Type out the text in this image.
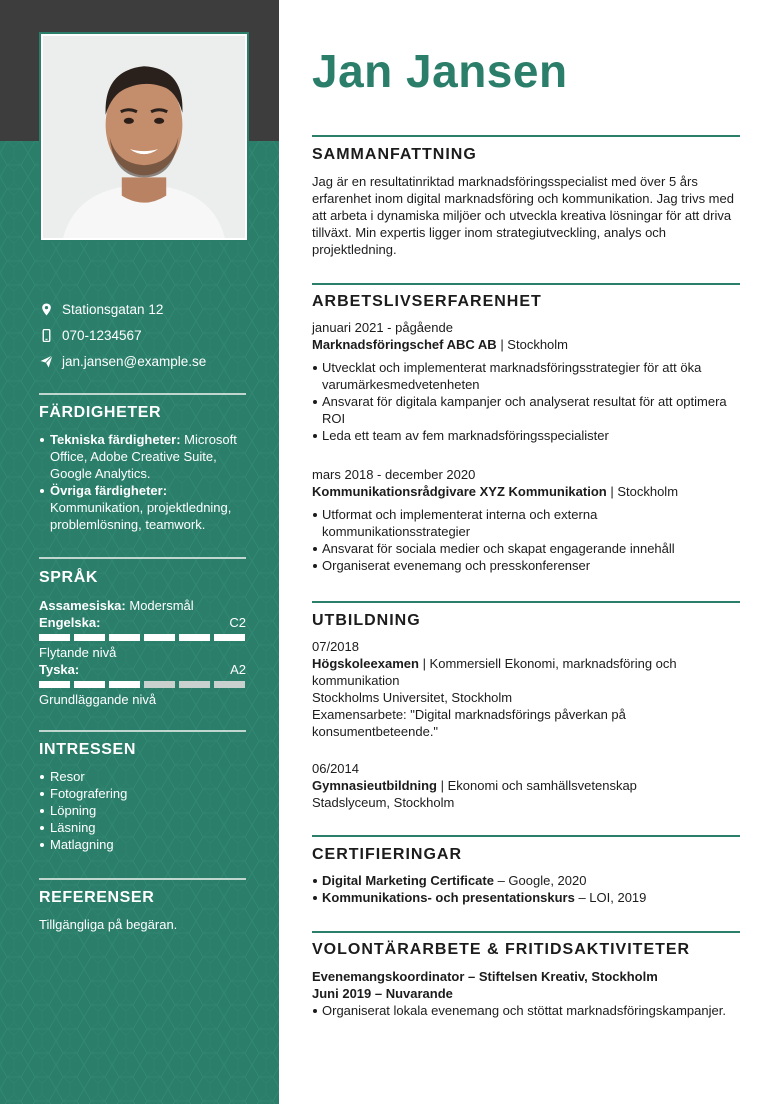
Stationsgatan 12
070-1234567
jan.jansen@example.se
FÄRDIGHETER
Tekniska färdigheter: Microsoft Office, Adobe Creative Suite, Google Analytics.
Övriga färdigheter: Kommunikation, projektledning, problemlösning, teamwork.
SPRÅK
Assamesiska: Modersmål
Engelska:	C2
Flytande nivå
Tyska:	A2
Grundläggande nivå
INTRESSEN
Resor
Fotografering
Löpning
Läsning
Matlagning
REFERENSER
Tillgängliga på begäran.
Jan Jansen
SAMMANFATTNING
Jag är en resultatinriktad marknadsföringsspecialist med över 5 års erfarenhet inom digital marknadsföring och kommunikation. Jag trivs med att arbeta i dynamiska miljöer och utveckla kreativa lösningar för att driva tillväxt. Min expertis ligger inom strategiutveckling, analys och projektledning.
ARBETSLIVSERFARENHET
januari 2021 - pågående
Marknadsföringschef ABC AB | Stockholm
Utvecklat och implementerat marknadsföringsstrategier för att öka varumärkesmedvetenheten
Ansvarat för digitala kampanjer och analyserat resultat för att optimera ROI
Leda ett team av fem marknadsföringsspecialister
mars 2018 - december 2020
Kommunikationsrådgivare XYZ Kommunikation | Stockholm
Utformat och implementerat interna och externa kommunikationsstrategier
Ansvarat för sociala medier och skapat engagerande innehåll
Organiserat evenemang och presskonferenser
UTBILDNING
07/2018
Högskoleexamen | Kommersiell Ekonomi, marknadsföring och kommunikation
Stockholms Universitet, Stockholm
Examensarbete: "Digital marknadsförings påverkan på konsumentbeteende."
06/2014
Gymnasieutbildning | Ekonomi och samhällsvetenskap
Stadslyceum, Stockholm
CERTIFIERINGAR
Digital Marketing Certificate – Google, 2020
Kommunikations- och presentationskurs – LOI, 2019
VOLONTÄRARBETE & FRITIDSAKTIVITETER
Evenemangskoordinator – Stiftelsen Kreativ, Stockholm
Juni 2019 – Nuvarande
Organiserat lokala evenemang och stöttat marknadsföringskampanjer.
